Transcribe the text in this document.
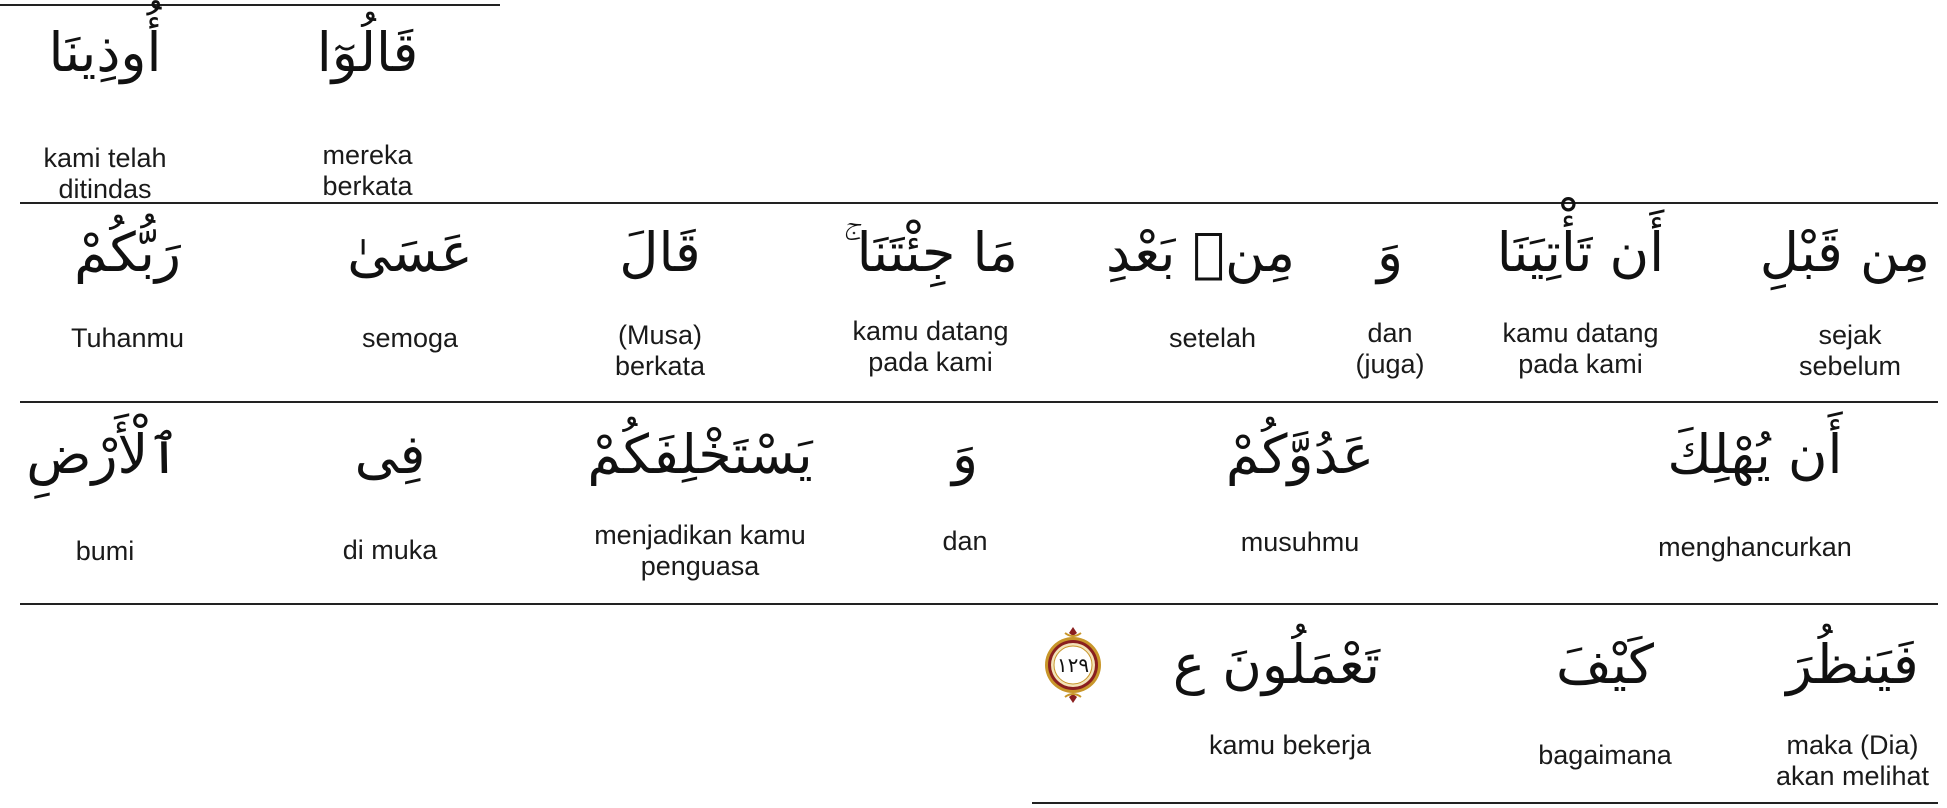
أُوذِينَا
kami telah ditindas
قَالُوٓا
mereka berkata
مِن قَبْلِ
sejak sebelum
أَن تَأْتِيَنَا
kamu datang pada kami
وَ
dan (juga)
مِنۢ بَعْدِ
setelah
مَا جِئْتَنَا ۚ
kamu datang pada kami
قَالَ
(Musa) berkata
عَسَىٰ
semoga
رَبُّكُمْ
Tuhanmu
أَن يُهْلِكَ
menghancurkan
عَدُوَّكُمْ
musuhmu
وَ
dan
يَسْتَخْلِفَكُمْ
menjadikan kamu penguasa
فِى
di muka
ٱلْأَرْضِ
bumi
فَيَنظُرَ
maka (Dia) akan melihat
كَيْفَ
bagaimana
تَعْمَلُونَ ع
kamu bekerja
١٢٩
